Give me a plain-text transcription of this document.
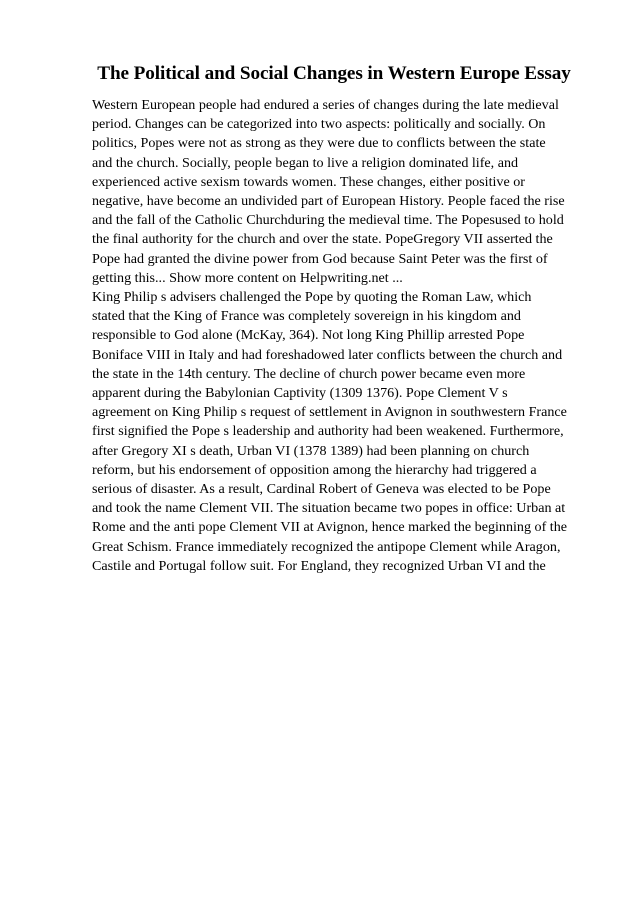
The Political and Social Changes in Western Europe Essay
Western European people had endured a series of changes during the late medieval
period. Changes can be categorized into two aspects: politically and socially. On
politics, Popes were not as strong as they were due to conflicts between the state
and the church. Socially, people began to live a religion dominated life, and
experienced active sexism towards women. These changes, either positive or
negative, have become an undivided part of European History. People faced the rise
and the fall of the Catholic Churchduring the medieval time. The Popesused to hold
the final authority for the church and over the state. PopeGregory VII asserted the
Pope had granted the divine power from God because Saint Peter was the first of
getting this... Show more content on Helpwriting.net ...
King Philip s advisers challenged the Pope by quoting the Roman Law, which
stated that the King of France was completely sovereign in his kingdom and
responsible to God alone (McKay, 364). Not long King Phillip arrested Pope
Boniface VIII in Italy and had foreshadowed later conflicts between the church and
the state in the 14th century. The decline of church power became even more
apparent during the Babylonian Captivity (1309 1376). Pope Clement V s
agreement on King Philip s request of settlement in Avignon in southwestern France
first signified the Pope s leadership and authority had been weakened. Furthermore,
after Gregory XI s death, Urban VI (1378 1389) had been planning on church
reform, but his endorsement of opposition among the hierarchy had triggered a
serious of disaster. As a result, Cardinal Robert of Geneva was elected to be Pope
and took the name Clement VII. The situation became two popes in office: Urban at
Rome and the anti pope Clement VII at Avignon, hence marked the beginning of the
Great Schism. France immediately recognized the antipope Clement while Aragon,
Castile and Portugal follow suit. For England, they recognized Urban VI and the
